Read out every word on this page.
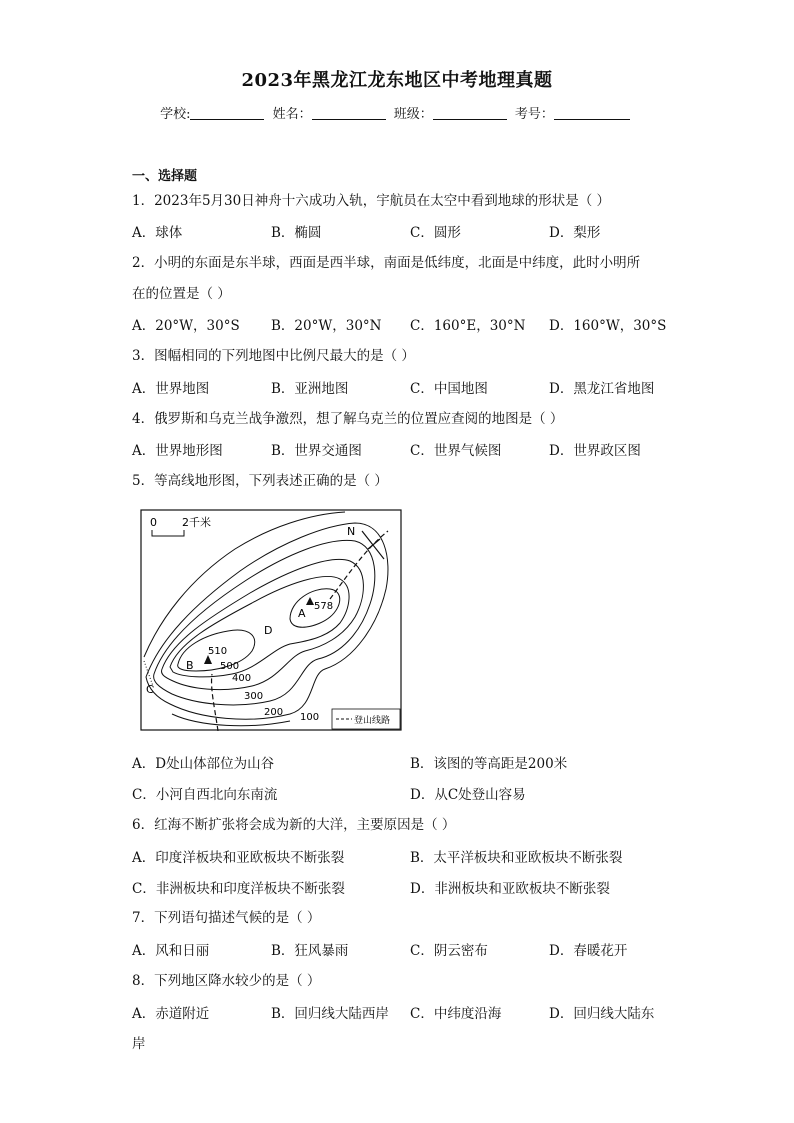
2023年黑龙江龙东地区中考地理真题
学校:	姓名：	班级：	考号：
一、选择题
1．2023年5月30日神舟十六成功入轨，宇航员在太空中看到地球的形状是（ ）
A．球体	B．椭圆	C．圆形	D．梨形
2．小明的东面是东半球，西面是西半球，南面是低纬度，北面是中纬度，此时小明所
在的位置是（ ）
A．20°W，30°S B．20°W，30°N C．160°E，30°N D．160°W，30°S
3．图幅相同的下列地图中比例尺最大的是（ ）
A．世界地图	B．亚洲地图	C．中国地图	D．黑龙江省地图
4．俄罗斯和乌克兰战争激烈，想了解乌克兰的位置应查阅的地图是（ ）
A．世界地形图	B．世界交通图	C．世界气候图	D．世界政区图
5．等高线地形图，下列表述正确的是（ ）
0 2千米
N
578
A
510
B
C
D
500
400
300
200 100	登山线路
A．D处山体部位为山谷	B．该图的等高距是200米
C．小河自西北向东南流	D．从C处登山容易
6．红海不断扩张将会成为新的大洋，主要原因是（ ）
A．印度洋板块和亚欧板块不断张裂	B．太平洋板块和亚欧板块不断张裂
C．非洲板块和印度洋板块不断张裂	D．非洲板块和亚欧板块不断张裂
7．下列语句描述气候的是（ ）
A．风和日丽	B．狂风暴雨	C．阴云密布	D．春暖花开
8．下列地区降水较少的是（ ）
A．赤道附近	B．回归线大陆西岸 C．中纬度沿海	D．回归线大陆东
岸
